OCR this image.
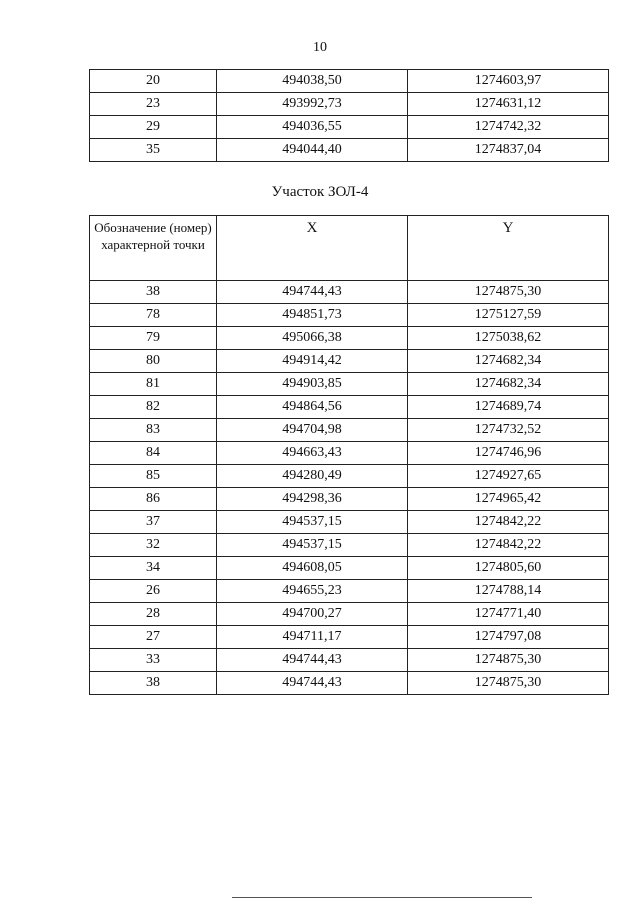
10
20	494038,50	1274603,97
23	493992,73	1274631,12
29	494036,55	1274742,32
35	494044,40	1274837,04
Участок ЗОЛ-4
Обозначение (номер) характерной точки	X	Y
38	494744,43	1274875,30
78	494851,73	1275127,59
79	495066,38	1275038,62
80	494914,42	1274682,34
81	494903,85	1274682,34
82	494864,56	1274689,74
83	494704,98	1274732,52
84	494663,43	1274746,96
85	494280,49	1274927,65
86	494298,36	1274965,42
37	494537,15	1274842,22
32	494537,15	1274842,22
34	494608,05	1274805,60
26	494655,23	1274788,14
28	494700,27	1274771,40
27	494711,17	1274797,08
33	494744,43	1274875,30
38	494744,43	1274875,30
